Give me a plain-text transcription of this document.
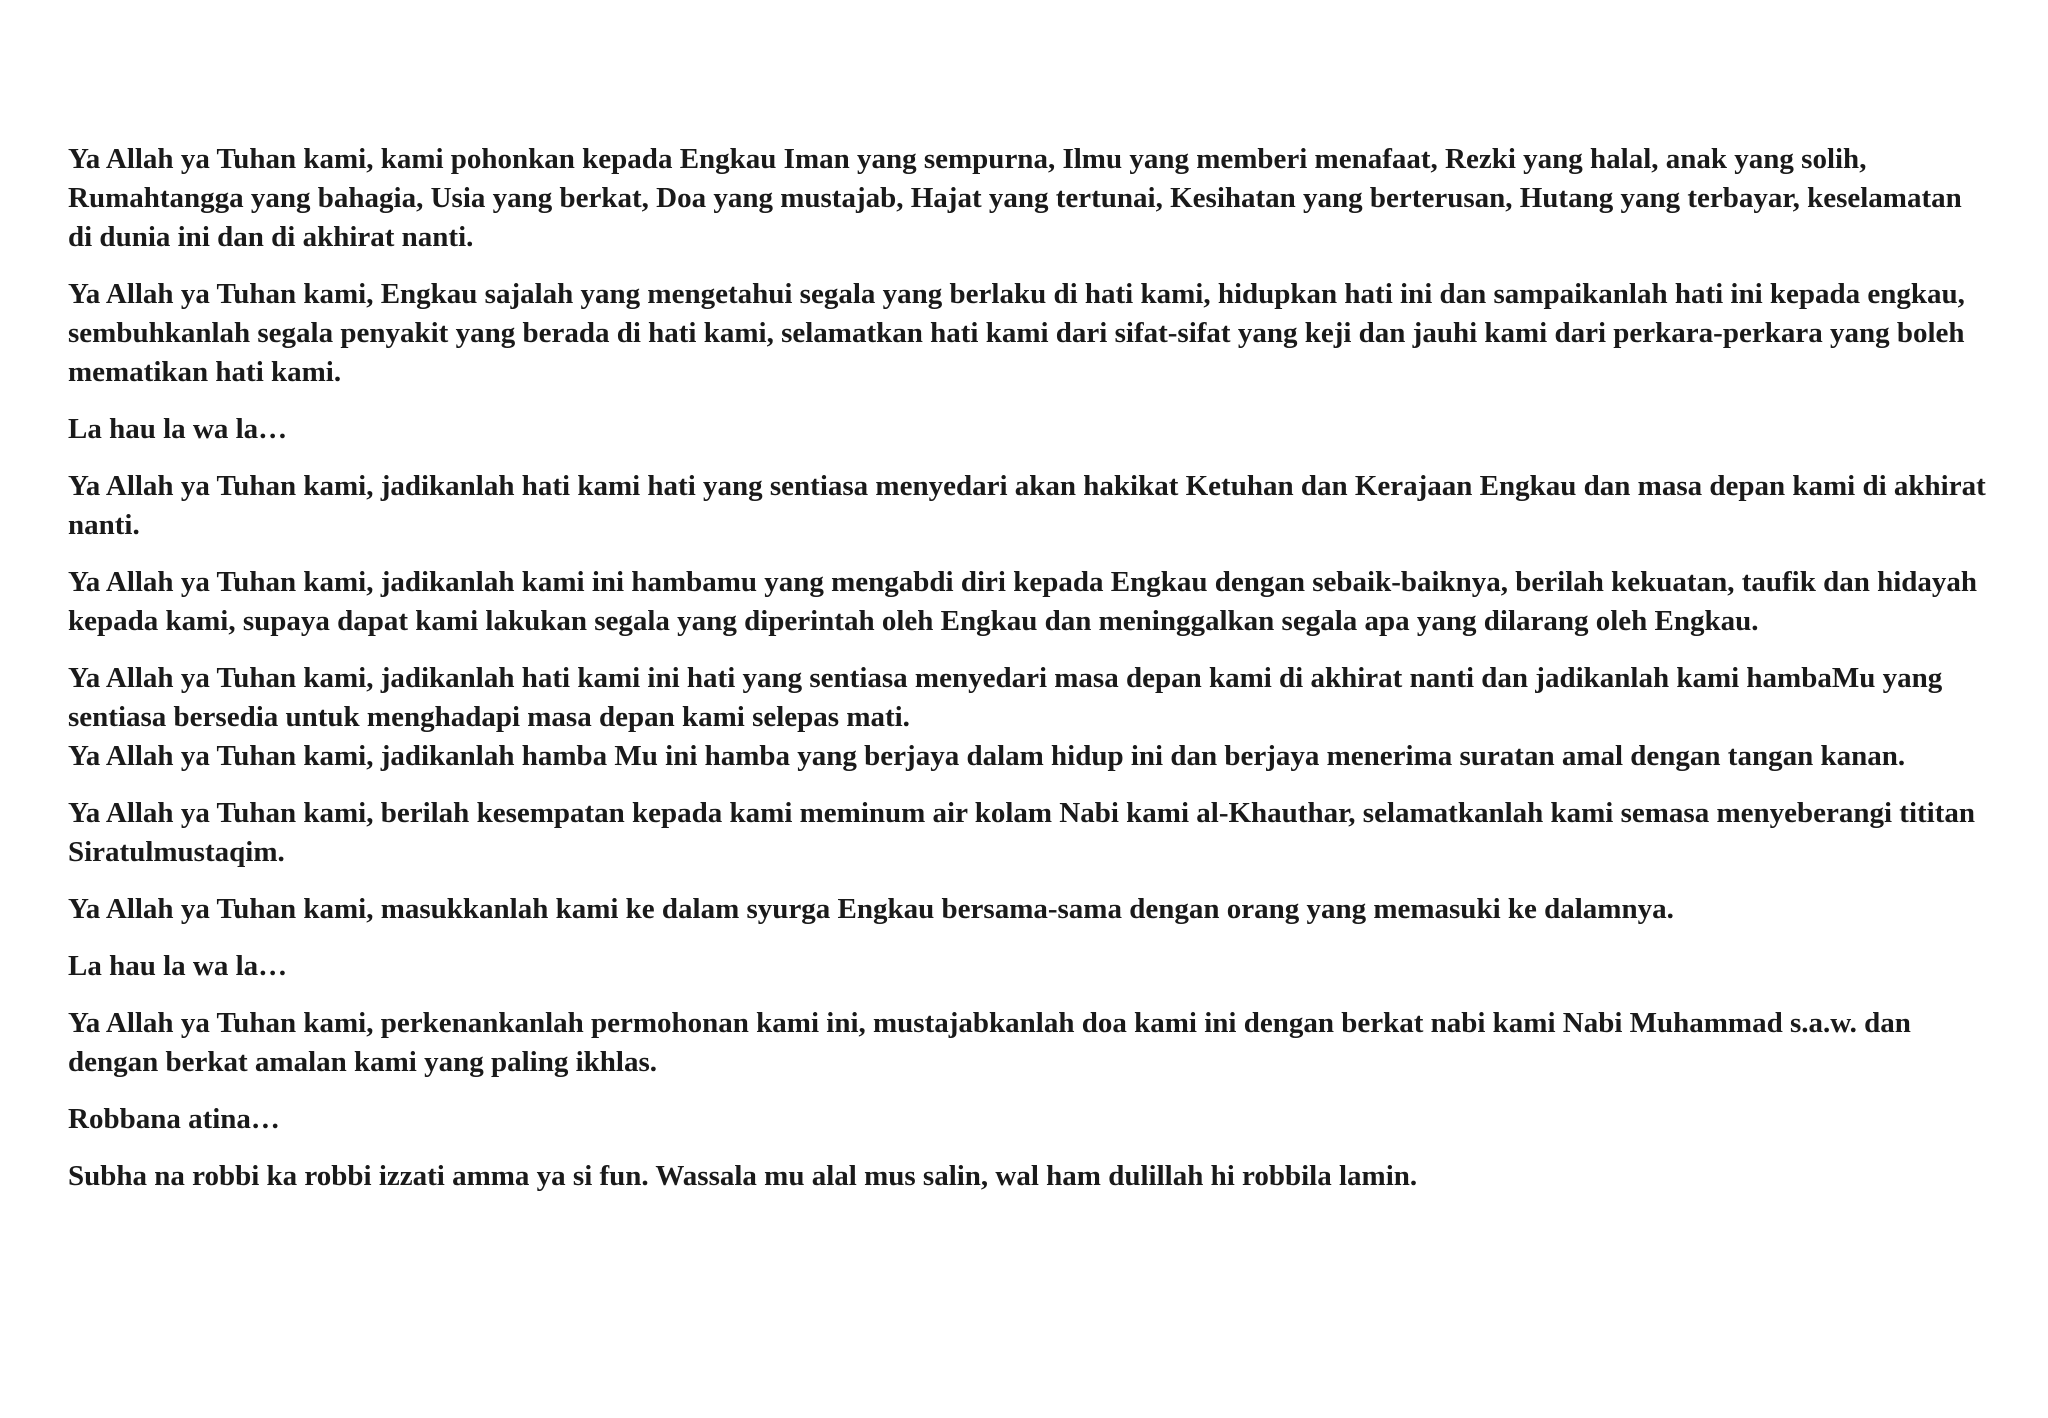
Ya Allah ya Tuhan kami, kami pohonkan kepada Engkau Iman yang sempurna, Ilmu yang memberi menafaat, Rezki yang halal, anak yang solih, Rumahtangga yang bahagia, Usia yang berkat, Doa yang mustajab, Hajat yang tertunai, Kesihatan yang berterusan, Hutang yang terbayar, keselamatan di dunia ini dan di akhirat nanti.

Ya Allah ya Tuhan kami, Engkau sajalah yang mengetahui segala yang berlaku di hati kami, hidupkan hati ini dan sampaikanlah hati ini kepada engkau, sembuhkanlah segala penyakit yang berada di hati kami, selamatkan hati kami dari sifat-sifat yang keji dan jauhi kami dari perkara-perkara yang boleh mematikan hati kami.

La hau la wa la…

Ya Allah ya Tuhan kami, jadikanlah hati kami hati yang sentiasa menyedari akan hakikat Ketuhan dan Kerajaan Engkau dan masa depan kami di akhirat nanti.

Ya Allah ya Tuhan kami, jadikanlah kami ini hambamu yang mengabdi diri kepada Engkau dengan sebaik-baiknya, berilah kekuatan, taufik dan hidayah kepada kami, supaya dapat kami lakukan segala yang diperintah oleh Engkau dan meninggalkan segala apa yang dilarang oleh Engkau.

Ya Allah ya Tuhan kami, jadikanlah hati kami ini hati yang sentiasa menyedari masa depan kami di akhirat nanti dan jadikanlah kami hambaMu yang sentiasa bersedia untuk menghadapi masa depan kami selepas mati.

Ya Allah ya Tuhan kami, jadikanlah hamba Mu ini hamba yang berjaya dalam hidup ini dan berjaya menerima suratan amal dengan tangan kanan.

Ya Allah ya Tuhan kami, berilah kesempatan kepada kami meminum air kolam Nabi kami al-Khauthar, selamatkanlah kami semasa menyeberangi tititan Siratulmustaqim.

Ya Allah ya Tuhan kami, masukkanlah kami ke dalam syurga Engkau bersama-sama dengan orang yang memasuki ke dalamnya.

La hau la wa la…

Ya Allah ya Tuhan kami, perkenankanlah permohonan kami ini, mustajabkanlah doa kami ini dengan berkat nabi kami Nabi Muhammad s.a.w. dan dengan berkat amalan kami yang paling ikhlas.

Robbana atina…

Subha na robbi ka robbi izzati amma ya si fun. Wassala mu alal mus salin, wal ham dulillah hi robbila lamin.
